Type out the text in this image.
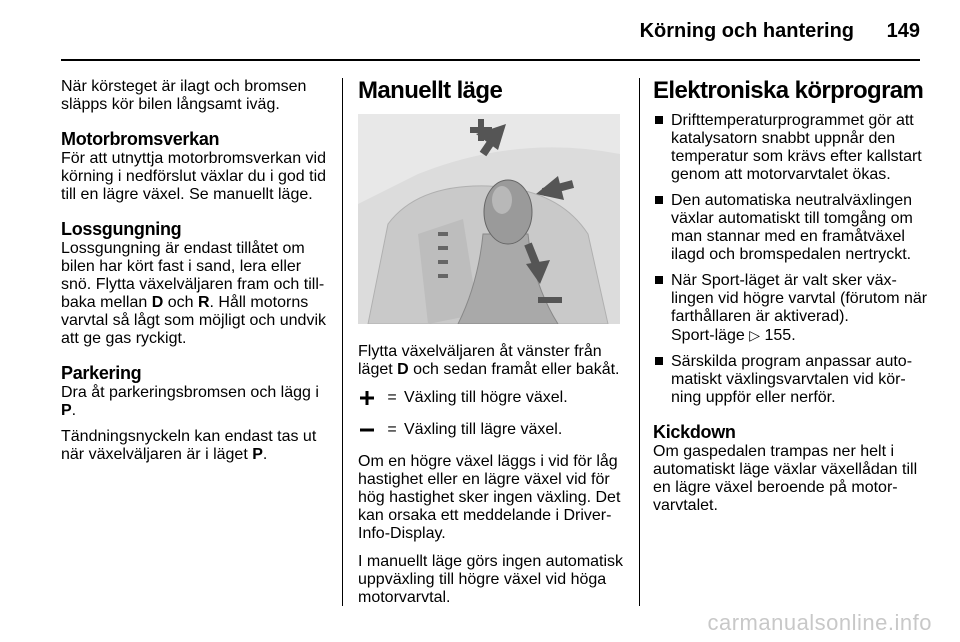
Körning och hantering 149

När körsteget är ilagt och bromsen släpps kör bilen långsamt iväg.

Motorbromsverkan

För att utnyttja motorbromsverkan vid körning i nedförslut växlar du i god tid till en lägre växel. Se manuellt läge.

Lossgungning

Lossgungning är endast tillåtet om bilen har kört fast i sand, lera eller snö. Flytta växelväljaren fram och tillbaka mellan D och R. Håll motorns varvtal så lågt som möjligt och undvik att ge gas ryckigt.

Parkering

Dra åt parkeringsbromsen och lägg i P.

Tändningsnyckeln kan endast tas ut när växelväljaren är i läget P.

Manuellt läge

Flytta växelväljaren åt vänster från läget D och sedan framåt eller bakåt.

= Växling till högre växel.
= Växling till lägre växel.

Om en högre växel läggs i vid för låg hastighet eller en lägre växel vid för hög hastighet sker ingen växling. Det kan orsaka ett meddelande i Driver-Info-Display.

I manuellt läge görs ingen automatisk uppväxling till högre växel vid höga motorvarvtal.

Elektroniska körprogram
Drifttemperaturprogrammet gör att katalysatorn snabbt uppnår den temperatur som krävs efter kallstart genom att motorvarvtalet ökas.
Den automatiska neutralväxlingen växlar automatiskt till tomgång om man stannar med en framåtväxel ilagd och bromspedalen nertryckt.
När Sport-läget är valt sker växlingen vid högre varvtal (förutom när farthållaren är aktiverad).
Sport-läge ▷ 155.
Särskilda program anpassar automatiskt växlingsvarvtalen vid körning uppför eller nerför.
Kickdown

Om gaspedalen trampas ner helt i automatiskt läge växlar växellådan till en lägre växel beroende på motorvarvtalet.

carmanualsonline.info
